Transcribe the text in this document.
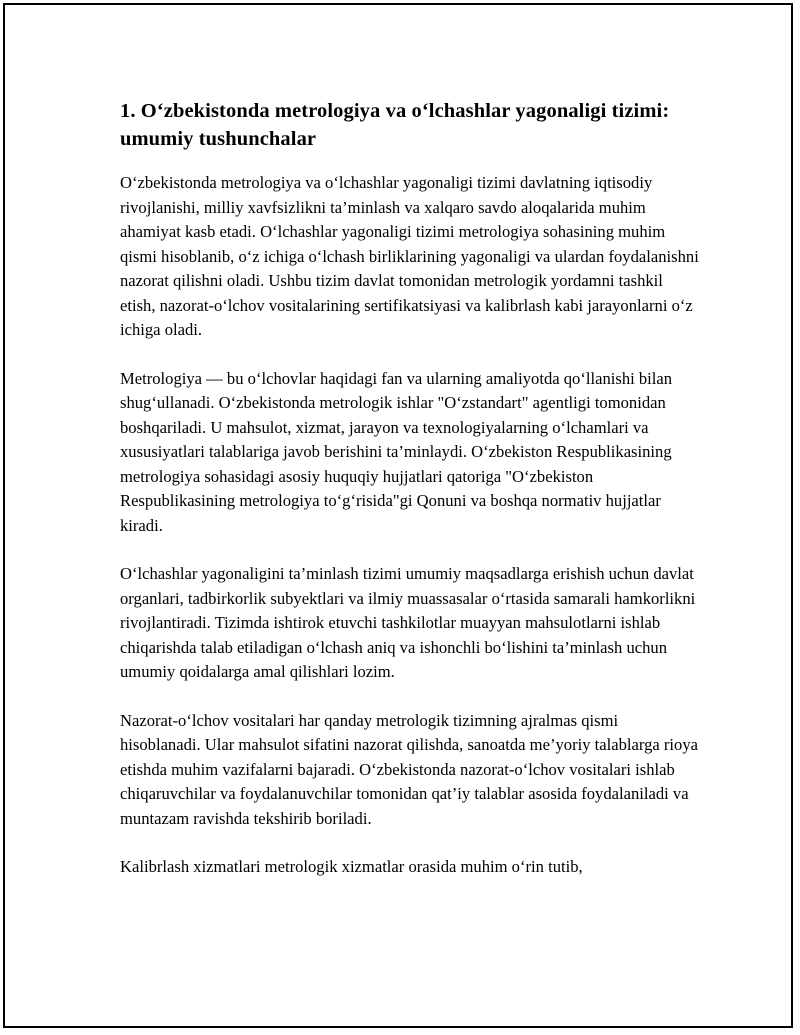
1. O‘zbekistonda metrologiya va o‘lchashlar yagonaligi tizimi: umumiy tushunchalar

O‘zbekistonda metrologiya va o‘lchashlar yagonaligi tizimi davlatning iqtisodiy rivojlanishi, milliy xavfsizlikni ta’minlash va xalqaro savdo aloqalarida muhim ahamiyat kasb etadi. O‘lchashlar yagonaligi tizimi metrologiya sohasining muhim qismi hisoblanib, o‘z ichiga o‘lchash birliklarining yagonaligi va ulardan foydalanishni nazorat qilishni oladi. Ushbu tizim davlat tomonidan metrologik yordamni tashkil etish, nazorat-o‘lchov vositalarining sertifikatsiyasi va kalibrlash kabi jarayonlarni o‘z ichiga oladi.

Metrologiya — bu o‘lchovlar haqidagi fan va ularning amaliyotda qo‘llanishi bilan shug‘ullanadi. O‘zbekistonda metrologik ishlar "O‘zstandart" agentligi tomonidan boshqariladi. U mahsulot, xizmat, jarayon va texnologiyalarning o‘lchamlari va xususiyatlari talablariga javob berishini ta’minlaydi. O‘zbekiston Respublikasining metrologiya sohasidagi asosiy huquqiy hujjatlari qatoriga "O‘zbekiston Respublikasining metrologiya to‘g‘risida"gi Qonuni va boshqa normativ hujjatlar kiradi.

O‘lchashlar yagonaligini ta’minlash tizimi umumiy maqsadlarga erishish uchun davlat organlari, tadbirkorlik subyektlari va ilmiy muassasalar o‘rtasida samarali hamkorlikni rivojlantiradi. Tizimda ishtirok etuvchi tashkilotlar muayyan mahsulotlarni ishlab chiqarishda talab etiladigan o‘lchash aniq va ishonchli bo‘lishini ta’minlash uchun umumiy qoidalarga amal qilishlari lozim.

Nazorat-o‘lchov vositalari har qanday metrologik tizimning ajralmas qismi hisoblanadi. Ular mahsulot sifatini nazorat qilishda, sanoatda me’yoriy talablarga rioya etishda muhim vazifalarni bajaradi. O‘zbekistonda nazorat-o‘lchov vositalari ishlab chiqaruvchilar va foydalanuvchilar tomonidan qat’iy talablar asosida foydalaniladi va muntazam ravishda tekshirib boriladi.

Kalibrlash xizmatlari metrologik xizmatlar orasida muhim o‘rin tutib,
